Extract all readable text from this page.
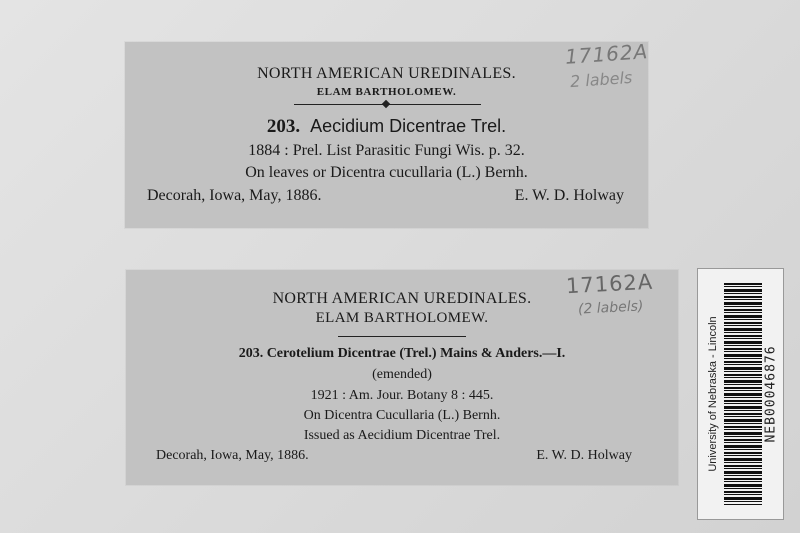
NORTH AMERICAN UREDINALES.
ELAM BARTHOLOMEW.
203. Aecidium Dicentrae Trel.
1884 : Prel. List Parasitic Fungi Wis. p. 32.
On leaves or Dicentra cucullaria (L.) Bernh.
Decorah, Iowa, May, 1886.	E. W. D. Holway
17162A
2 labels
NORTH AMERICAN UREDINALES.
ELAM BARTHOLOMEW.
203. Cerotelium Dicentrae (Trel.) Mains & Anders.—I.
(emended)
1921 : Am. Jour. Botany 8 : 445.
On Dicentra Cucullaria (L.) Bernh.
Issued as Aecidium Dicentrae Trel.
Decorah, Iowa, May, 1886.	E. W. D. Holway
17162A
(2 labels)
University of Nebraska - Lincoln	NEB00046876
